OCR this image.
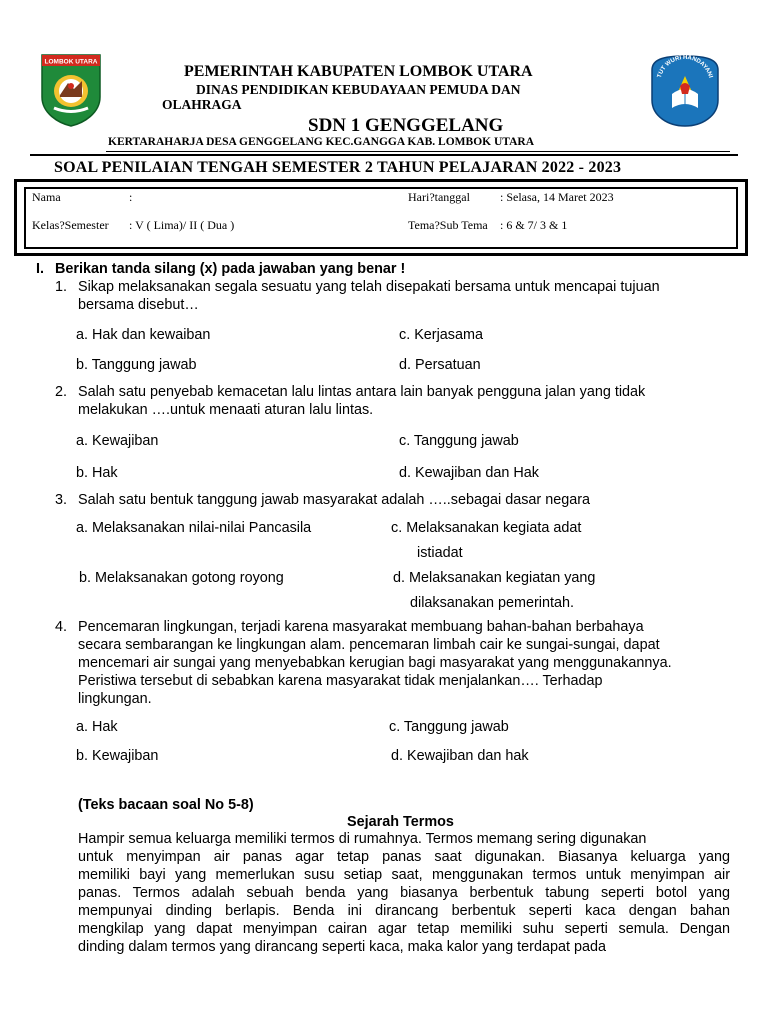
LOMBOK UTARA
TUT WURI HANDAYANI
PEMERINTAH KABUPATEN LOMBOK UTARA
DINAS PENDIDIKAN KEBUDAYAAN PEMUDA DAN
OLAHRAGA
SDN 1 GENGGELANG
KERTARAHARJA DESA GENGGELANG KEC.GANGGA KAB. LOMBOK UTARA
SOAL PENILAIAN TENGAH SEMESTER 2 TAHUN PELAJARAN 2022 - 2023
Nama	:	Hari?tanggal	: Selasa, 14 Maret 2023
Kelas?Semester : V ( Lima)/ II ( Dua )	Tema?Sub Tema : 6 & 7/ 3 & 1
I. Berikan tanda silang (x) pada jawaban yang benar !
1. Sikap melaksanakan segala sesuatu yang telah disepakati bersama untuk mencapai tujuan
bersama disebut…
a. Hak dan kewaiban	c. Kerjasama
b. Tanggung jawab	d. Persatuan
2. Salah satu penyebab kemacetan lalu lintas antara lain banyak pengguna jalan yang tidak
melakukan ….untuk menaati aturan lalu lintas.
a. Kewajiban	c. Tanggung jawab
b. Hak	d. Kewajiban dan Hak
3. Salah satu bentuk tanggung jawab masyarakat adalah …..sebagai dasar negara
a. Melaksanakan nilai-nilai Pancasila	c. Melaksanakan kegiata adat
istiadat
b. Melaksanakan gotong royong	d. Melaksanakan kegiatan yang
dilaksanakan pemerintah.
4. Pencemaran lingkungan, terjadi karena masyarakat membuang bahan-bahan berbahaya
secara sembarangan ke lingkungan alam. pencemaran limbah cair ke sungai-sungai, dapat
mencemari air sungai yang menyebabkan kerugian bagi masyarakat yang menggunakannya.
Peristiwa tersebut di sebabkan karena masyarakat tidak menjalankan…. Terhadap
lingkungan.
a. Hak	c. Tanggung jawab
b. Kewajiban	d. Kewajiban dan hak
(Teks bacaan soal No 5-8)
Sejarah Termos
Hampir semua keluarga memiliki termos di rumahnya. Termos memang sering digunakan
untuk menyimpan air panas agar tetap panas saat digunakan. Biasanya keluarga yang
memiliki bayi yang memerlukan susu setiap saat, menggunakan termos untuk menyimpan air
panas. Termos adalah sebuah benda yang biasanya berbentuk tabung seperti botol yang
mempunyai dinding berlapis. Benda ini dirancang berbentuk seperti kaca dengan bahan
mengkilap yang dapat menyimpan cairan agar tetap memiliki suhu seperti semula. Dengan
dinding dalam termos yang dirancang seperti kaca, maka kalor yang terdapat pada
